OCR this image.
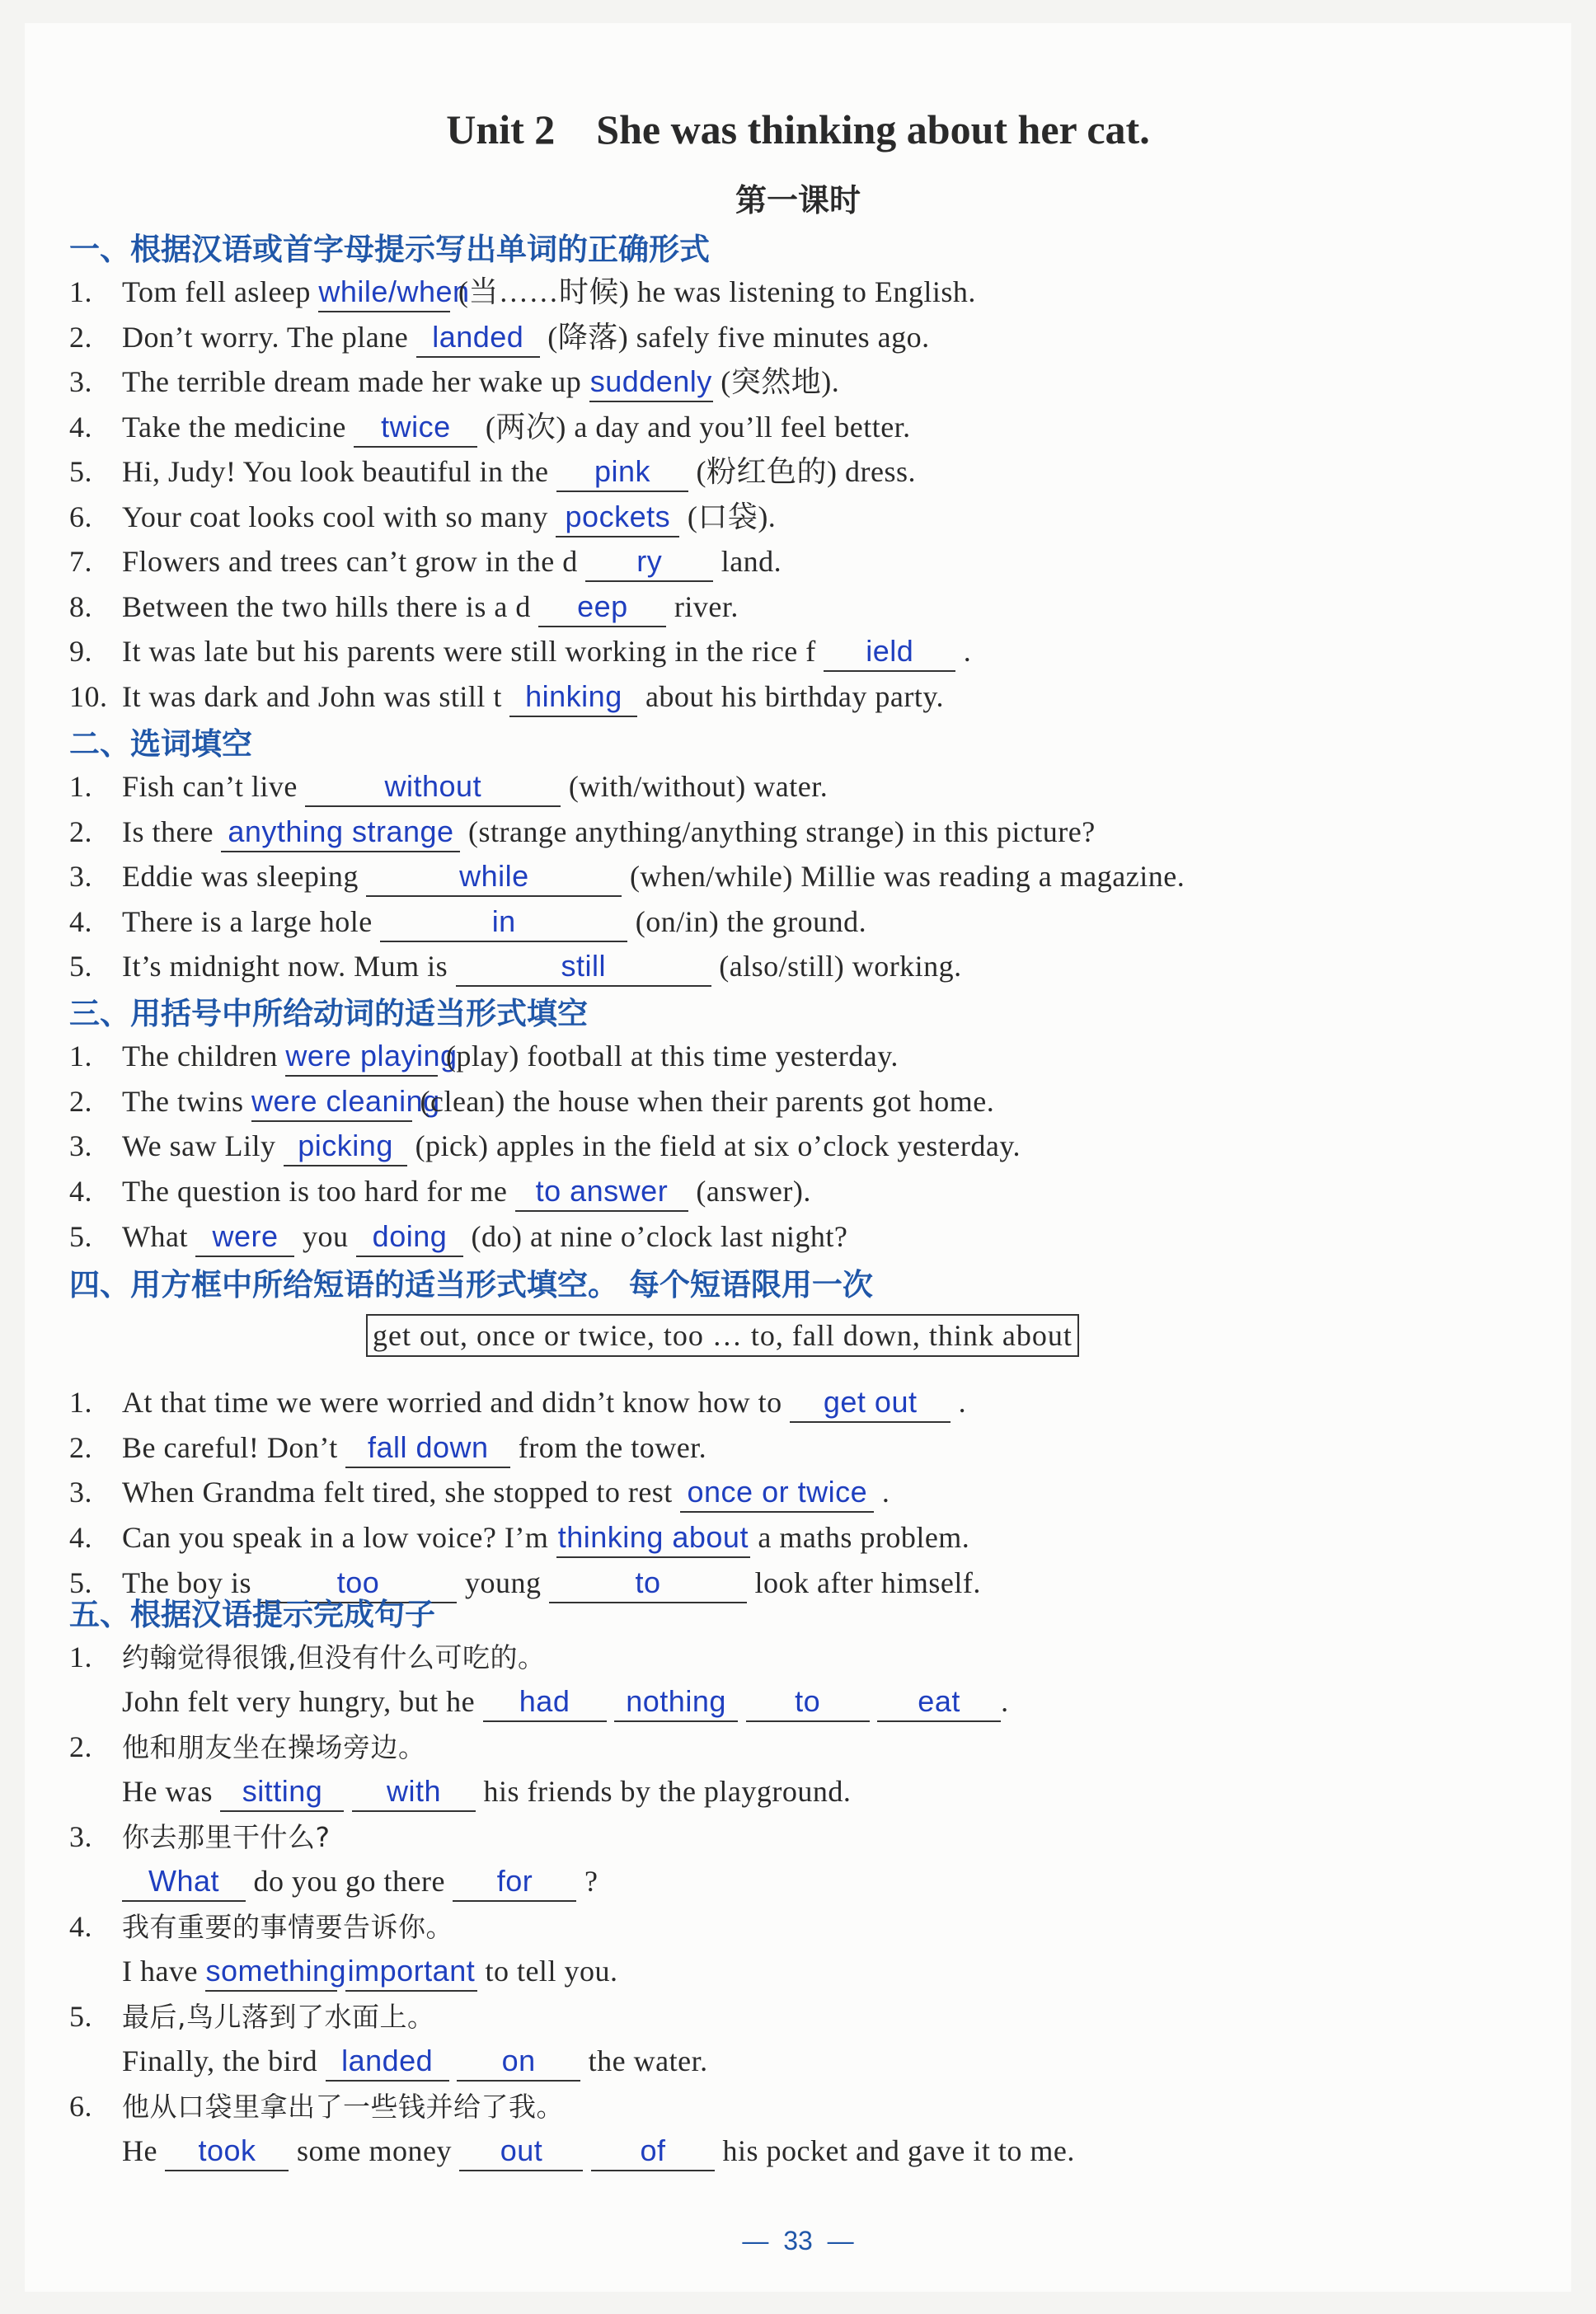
Unit 2    She was thinking about her cat.
第一课时
一、根据汉语或首字母提示写出单词的正确形式
1. Tom fell asleep while/when (当……时候) he was listening to English.
2. Don’t worry. The plane landed (降落) safely five minutes ago.
3. The terrible dream made her wake up suddenly (突然地).
4. Take the medicine twice (两次) a day and you’ll feel better.
5. Hi, Judy! You look beautiful in the pink (粉红色的) dress.
6. Your coat looks cool with so many pockets (口袋).
7. Flowers and trees can’t grow in the d ry land.
8. Between the two hills there is a d eep river.
9. It was late but his parents were still working in the rice f ield .
10. It was dark and John was still t hinking about his birthday party.
二、选词填空
1. Fish can’t live	without	(with/without) water.
2. Is there anything strange (strange anything/anything strange) in this picture?
3. Eddie was sleeping	while	(when/while) Millie was reading a magazine.
4. There is a large hole	in	(on/in) the ground.
5. It’s midnight now. Mum is	still	(also/still) working.
三、用括号中所给动词的适当形式填空
1. The children were playing (play) football at this time yesterday.
2. The twins were cleaning (clean) the house when their parents got home.
3. We saw Lily picking (pick) apples in the field at six o’clock yesterday.
4. The question is too hard for me to answer (answer).
5. What were you doing (do) at nine o’clock last night?
四、用方框中所给短语的适当形式填空。 每个短语限用一次
get out, once or twice, too … to, fall down, think about
1. At that time we were worried and didn’t know how to get out .
2. Be careful! Don’t fall down from the tower.
3. When Grandma felt tired, she stopped to rest once or twice .
4. Can you speak in a low voice? I’m thinking about a maths problem.
5. The boy is	too	young	to	look after himself.
五、根据汉语提示完成句子
1. 约翰觉得很饿,但没有什么可吃的。
John felt very hungry, but he had nothing to	eat .
2. 他和朋友坐在操场旁边。
He was sitting with his friends by the playground.
3. 你去那里干什么?
What do you go there for ?
4. 我有重要的事情要告诉你。
I have something important to tell you.
5. 最后,鸟儿落到了水面上。
Finally, the bird landed on the water.
6. 他从口袋里拿出了一些钱并给了我。
He took some money out	of his pocket and gave it to me.
—  33  —
